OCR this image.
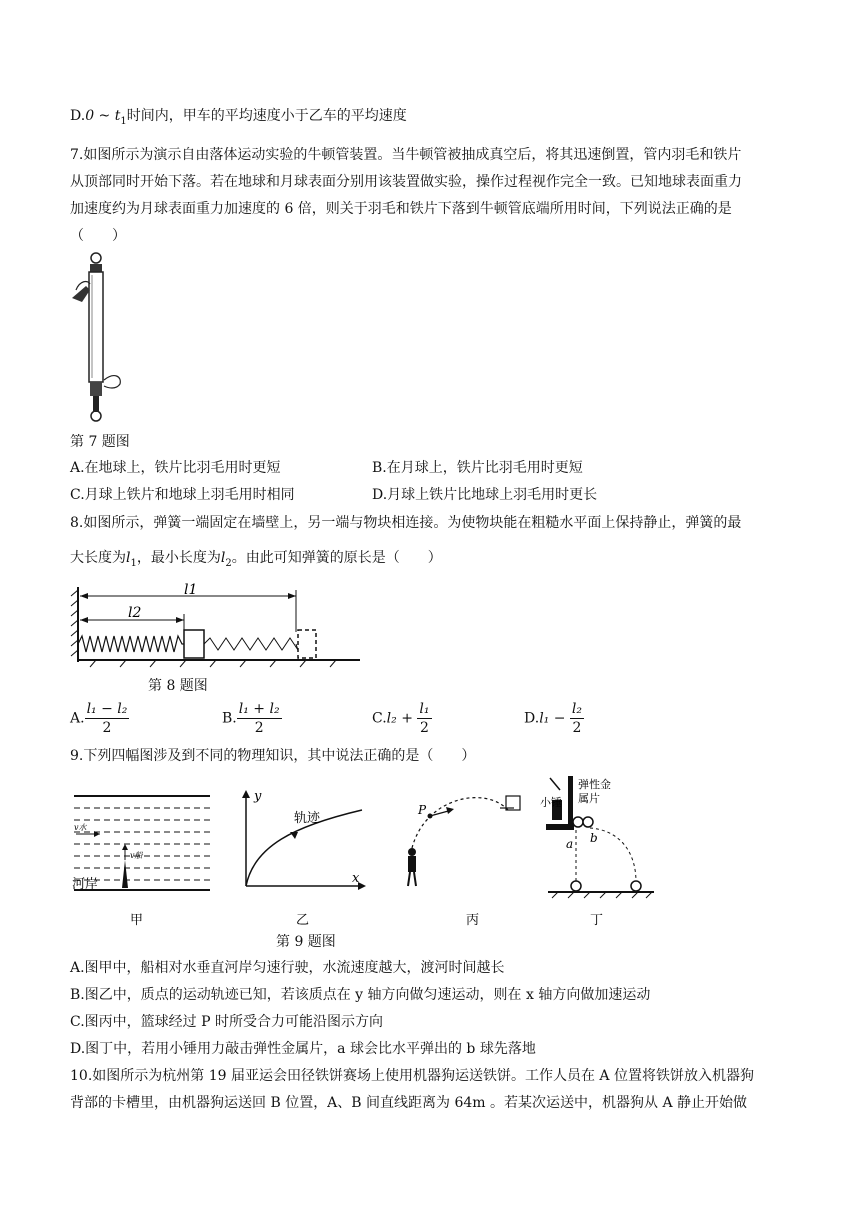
D.0 ~ $t_1$时间内，甲车的平均速度小于乙车的平均速度
7.如图所示为演示自由落体运动实验的牛顿管装置。当牛顿管被抽成真空后，将其迅速倒置，管内羽毛和铁片
从顶部同时开始下落。若在地球和月球表面分别用该装置做实验，操作过程视作完全一致。已知地球表面重力
加速度约为月球表面重力加速度的 6 倍，则关于羽毛和铁片下落到牛顿管底端所用时间，下列说法正确的是
（　　）
第 7 题图
A.在地球上，铁片比羽毛用时更短	B.在月球上，铁片比羽毛用时更短
C.月球上铁片和地球上羽毛用时相同	D.月球上铁片比地球上羽毛用时更长
8.如图所示，弹簧一端固定在墙壁上，另一端与物块相连接。为使物块能在粗糙水平面上保持静止，弹簧的最
大长度为$l_1$，最小长度为$l_2$。由此可知弹簧的原长是（　　）
l1
l2
第 8 题图
A. $\frac{\text{l₁ − l₂}}{2}$	B. $\frac{\text{l₁ + l₂}}{2}$	$C.l_2 + \frac{\text{l₁}}{2}$	$D.l_1 - \frac{\text{l₂}}{2}$
9.下列四幅图涉及到不同的物理知识，其中说法正确的是（　　）
v水
v船
河岸
甲
y
x
轨迹
乙
P
丙
小锤
弹性金
属片
a b
丁
第 9 题图
A.图甲中，船相对水垂直河岸匀速行驶，水流速度越大，渡河时间越长
B.图乙中，质点的运动轨迹已知，若该质点在 y 轴方向做匀速运动，则在 x 轴方向做加速运动
C.图丙中，篮球经过 P 时所受合力可能沿图示方向
D.图丁中，若用小锤用力敲击弹性金属片，a 球会比水平弹出的 b 球先落地
10.如图所示为杭州第 19 届亚运会田径铁饼赛场上使用机器狗运送铁饼。工作人员在 A 位置将铁饼放入机器狗
背部的卡槽里，由机器狗运送回 B 位置，A、B 间直线距离为 64m 。若某次运送中，机器狗从 A 静止开始做
